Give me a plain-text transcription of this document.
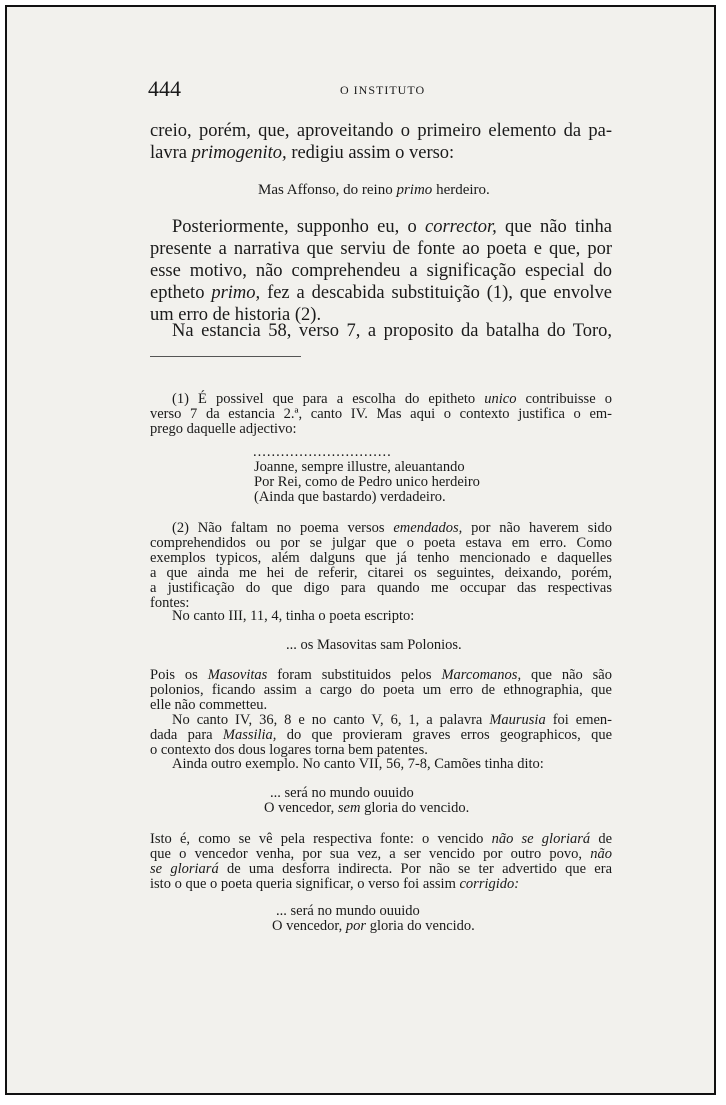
444	O INSTITUTO
creio, porém, que, aproveitando o primeiro elemento da pa-
lavra primogenito, redigiu assim o verso:
Mas Affonso, do reino primo herdeiro.
Posteriormente, supponho eu, o corrector, que não tinha
presente a narrativa que serviu de fonte ao poeta e que, por
esse motivo, não comprehendeu a significação especial do
eptheto primo, fez a descabida substituição (1), que envolve
um erro de historia (2).
Na estancia 58, verso 7, a proposito da batalha do Toro,
(1) É possivel que para a escolha do epitheto unico contribuisse o
verso 7 da estancia 2.ª, canto IV. Mas aqui o contexto justifica o em-
prego daquelle adjectivo:
..............................
Joanne, sempre illustre, aleuantando
Por Rei, como de Pedro unico herdeiro
(Ainda que bastardo) verdadeiro.
(2) Não faltam no poema versos emendados, por não haverem sido
comprehendidos ou por se julgar que o poeta estava em erro. Como
exemplos typicos, além dalguns que já tenho mencionado e daquelles
a que ainda me hei de referir, citarei os seguintes, deixando, porém,
a justificação do que digo para quando me occupar das respectivas
fontes:
No canto III, 11, 4, tinha o poeta escripto:
... os Masovitas sam Polonios.
Pois os Masovitas foram substituidos pelos Marcomanos, que não são
polonios, ficando assim a cargo do poeta um erro de ethnographia, que
elle não commetteu.
No canto IV, 36, 8 e no canto V, 6, 1, a palavra Maurusia foi emen-
dada para Massilia, do que provieram graves erros geographicos, que
o contexto dos dous logares torna bem patentes.
Ainda outro exemplo. No canto VII, 56, 7-8, Camões tinha dito:
... será no mundo ouuido
O vencedor, sem gloria do vencido.
Isto é, como se vê pela respectiva fonte: o vencido não se gloriará de
que o vencedor venha, por sua vez, a ser vencido por outro povo, não
se gloriará de uma desforra indirecta. Por não se ter advertido que era
isto o que o poeta queria significar, o verso foi assim corrigido:
... será no mundo ouuido
O vencedor, por gloria do vencido.
